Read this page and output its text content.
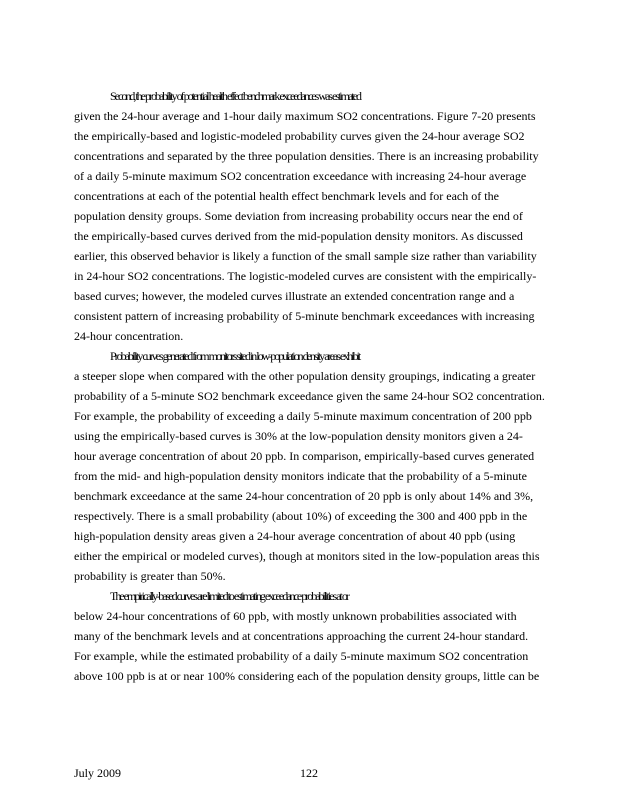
Second, the probability of potential health effect benchmark exceedances was estimated
given the 24-hour average and 1-hour daily maximum SO2 concentrations. Figure 7-20 presents
the empirically-based and logistic-modeled probability curves given the 24-hour average SO2
concentrations and separated by the three population densities. There is an increasing probability
of a daily 5-minute maximum SO2 concentration exceedance with increasing 24-hour average
concentrations at each of the potential health effect benchmark levels and for each of the
population density groups. Some deviation from increasing probability occurs near the end of
the empirically-based curves derived from the mid-population density monitors. As discussed
earlier, this observed behavior is likely a function of the small sample size rather than variability
in 24-hour SO2 concentrations. The logistic-modeled curves are consistent with the empirically-
based curves; however, the modeled curves illustrate an extended concentration range and a
consistent pattern of increasing probability of 5-minute benchmark exceedances with increasing
24-hour concentration.
Probability curves generated from monitors sited in low-population density areas exhibit
a steeper slope when compared with the other population density groupings, indicating a greater
probability of a 5-minute SO2 benchmark exceedance given the same 24-hour SO2 concentration.
For example, the probability of exceeding a daily 5-minute maximum concentration of 200 ppb
using the empirically-based curves is 30% at the low-population density monitors given a 24-
hour average concentration of about 20 ppb. In comparison, empirically-based curves generated
from the mid- and high-population density monitors indicate that the probability of a 5-minute
benchmark exceedance at the same 24-hour concentration of 20 ppb is only about 14% and 3%,
respectively. There is a small probability (about 10%) of exceeding the 300 and 400 ppb in the
high-population density areas given a 24-hour average concentration of about 40 ppb (using
either the empirical or modeled curves), though at monitors sited in the low-population areas this
probability is greater than 50%.
The empirically-based curves are limited to estimating exceedance probabilities at or
below 24-hour concentrations of 60 ppb, with mostly unknown probabilities associated with
many of the benchmark levels and at concentrations approaching the current 24-hour standard.
For example, while the estimated probability of a daily 5-minute maximum SO2 concentration
above 100 ppb is at or near 100% considering each of the population density groups, little can be
July 2009	122
